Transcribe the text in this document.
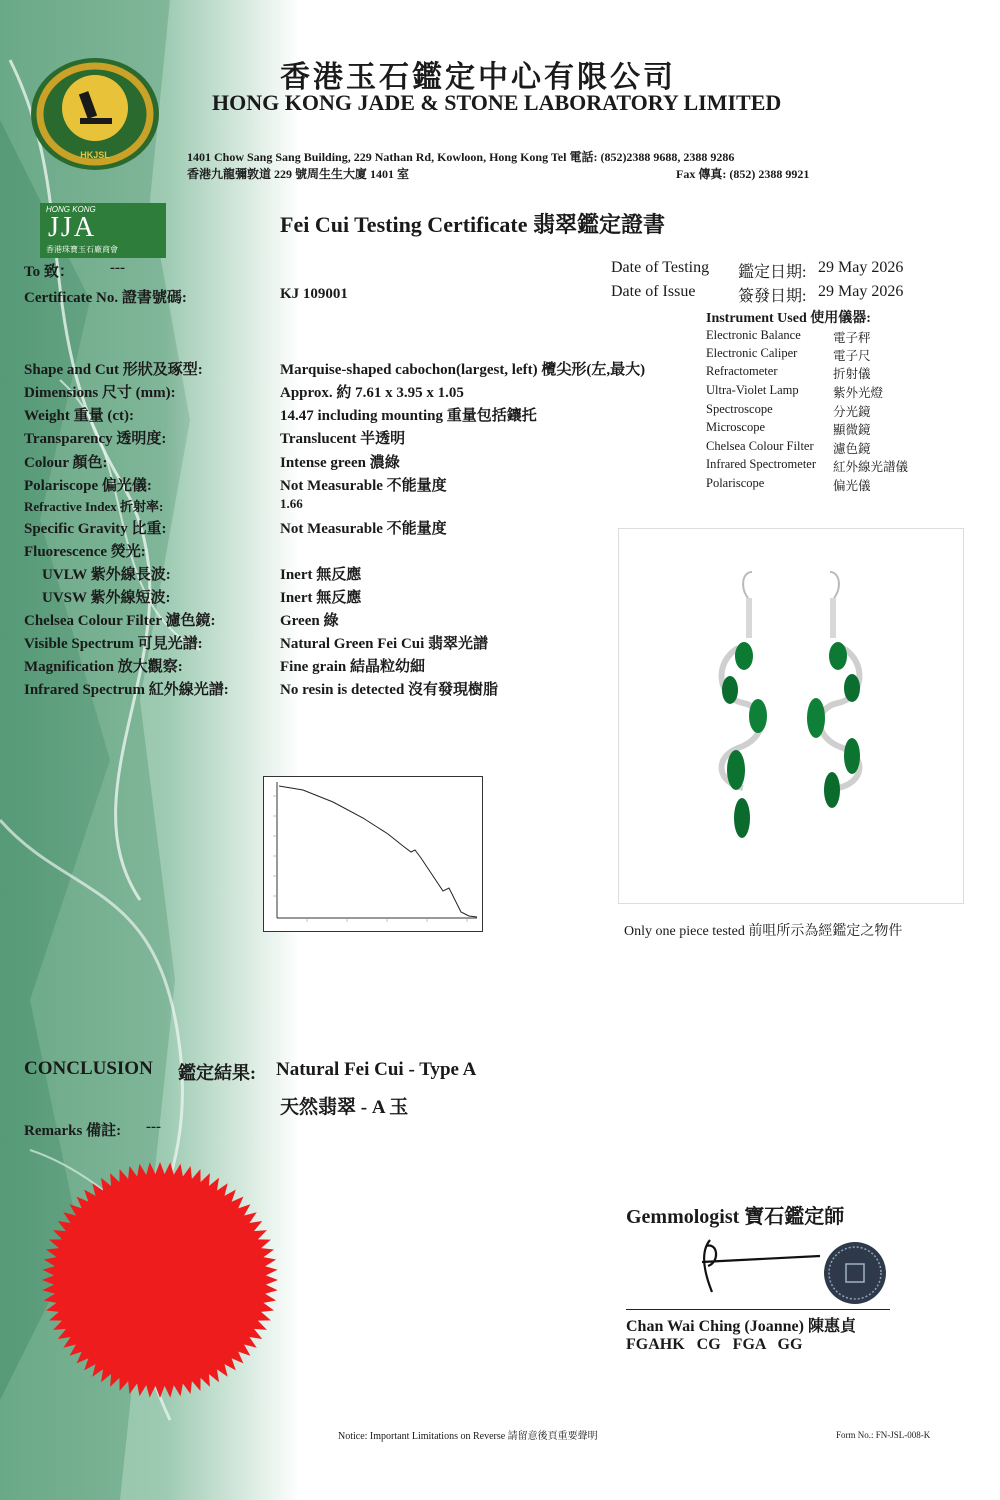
HKJSL
香港玉石鑑定中心有限公司
HONG KONG JADE & STONE LABORATORY LIMITED
1401 Chow Sang Sang Building, 229 Nathan Rd, Kowloon, Hong Kong Tel 電話: (852)2388 9688, 2388 9286
香港九龍彌敦道 229 號周生生大廈 1401 室	Fax 傳真: (852) 2388 9921
HONG KONG
JJA
香港珠寶玉石廠商會
Fei Cui Testing Certificate 翡翠鑑定證書
To 致： ---
Certificate No. 證書號碼:	KJ 109001
Date of Testing 鑑定日期: 29 May 2026
Date of Issue	簽發日期: 29 May 2026
Instrument Used 使用儀器:
Electronic Balance	電子秤
Electronic Caliper	電子尺
Refractometer	折射儀
Ultra-Violet Lamp	紫外光燈
Spectroscope	分光鏡
Microscope	顯微鏡
Chelsea Colour Filter 濾色鏡
Infrared Spectrometer 紅外線光譜儀
Polariscope	偏光儀
Shape and Cut 形狀及琢型:	Marquise-shaped cabochon(largest, left) 欖尖形(左,最大)
Dimensions 尺寸 (mm):	Approx. 約 7.61 x 3.95 x 1.05
Weight 重量 (ct):	14.47 including mounting 重量包括鑲托
Transparency 透明度:	Translucent 半透明
Colour 顏色:	Intense green 濃綠
Polariscope 偏光儀:	Not Measurable 不能量度
Refractive Index 折射率:	1.66
Specific Gravity 比重:	Not Measurable 不能量度
Fluorescence 熒光:
UVLW 紫外線長波:	Inert 無反應
UVSW 紫外線短波:	Inert 無反應
Chelsea Colour Filter 濾色鏡:	Green 綠
Visible Spectrum 可見光譜:	Natural Green Fei Cui 翡翠光譜
Magnification 放大觀察:	Fine grain 結晶粒幼細
Infrared Spectrum 紅外線光譜:	No resin is detected 沒有發現樹脂
Only one piece tested 前咀所示為經鑑定之物件
CONCLUSION 鑑定結果: Natural Fei Cui - Type A
天然翡翠 - A 玉
Remarks 備註: ---
Gemmologist 寶石鑑定師
Chan Wai Ching (Joanne) 陳惠貞
FGAHK   CG   FGA   GG
Notice: Important Limitations on Reverse 請留意後頁重要聲明	Form No.: FN-JSL-008-K
